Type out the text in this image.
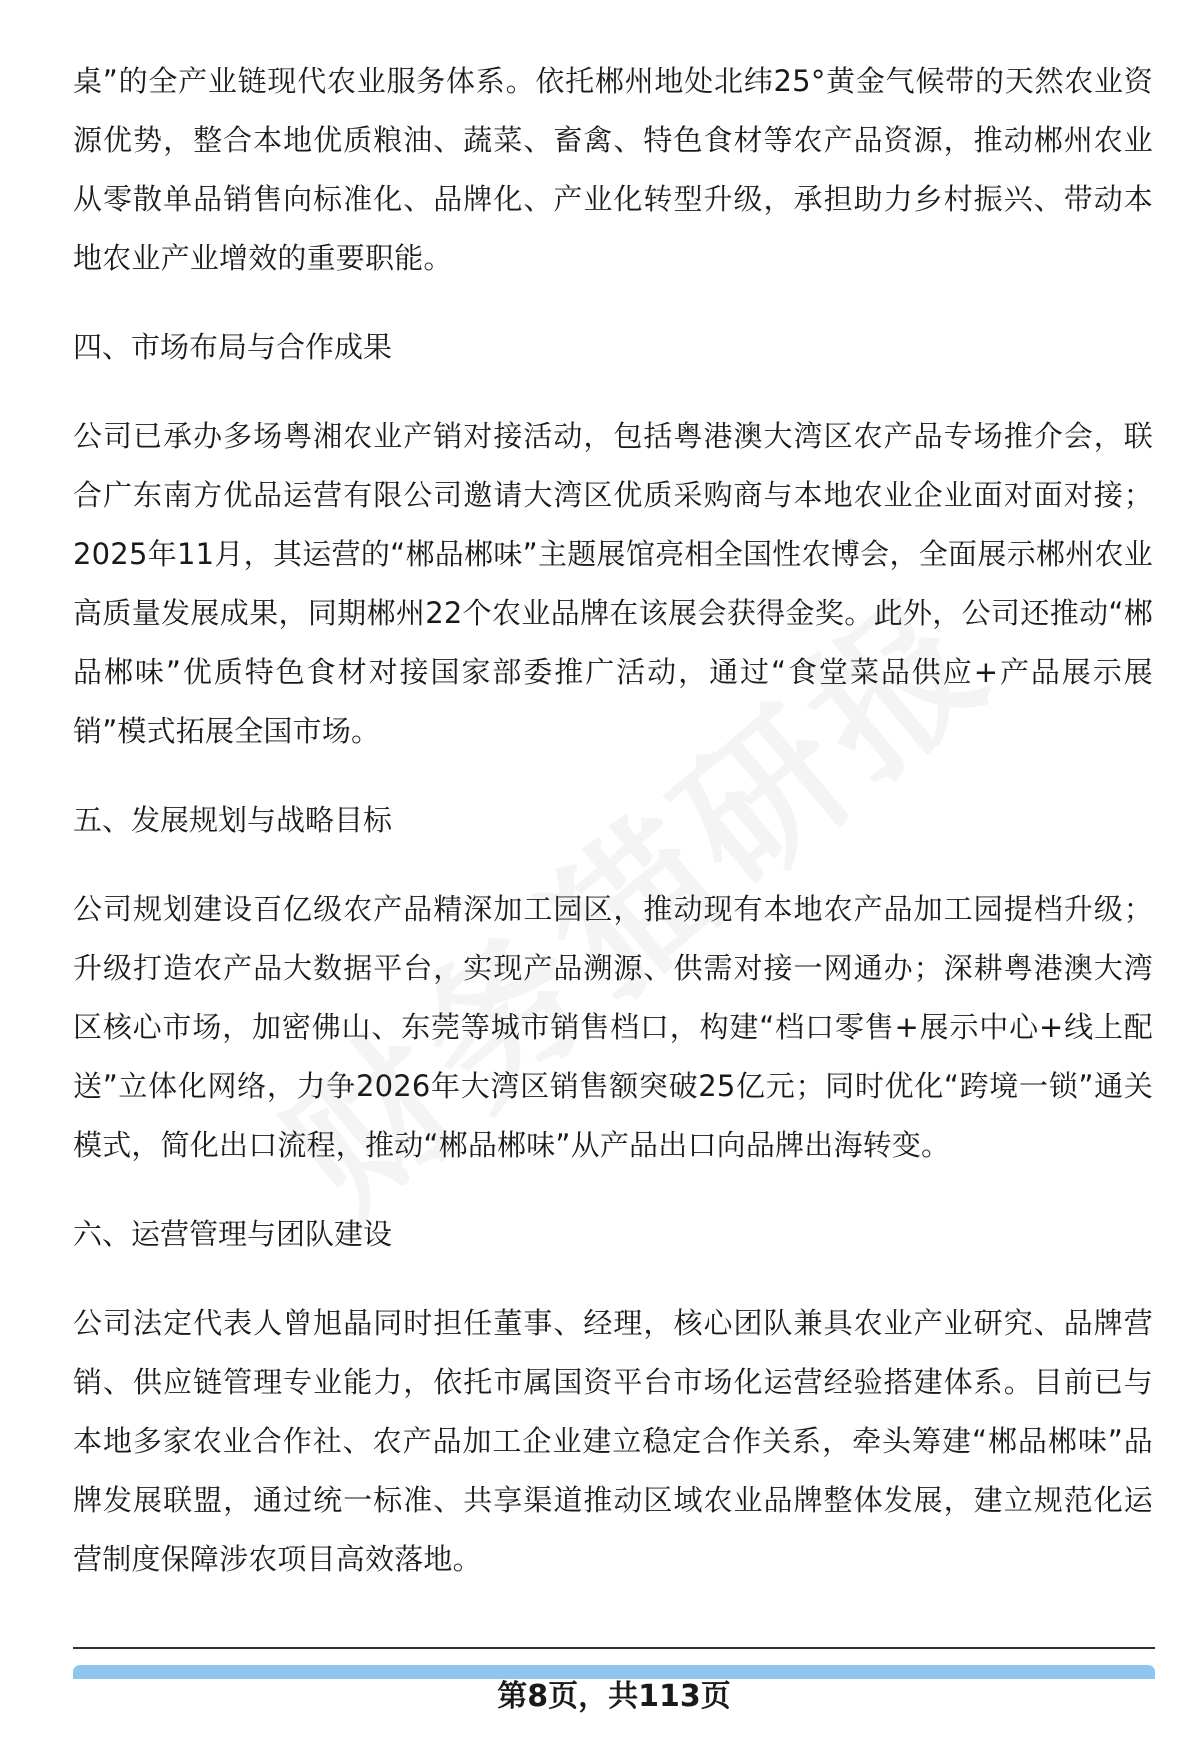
桌”的全产业链现代农业服务体系。依托郴州地处北纬25°黄金气候带的天然农业资源优势，整合本地优质粮油、蔬菜、畜禽、特色食材等农产品资源，推动郴州农业从零散单品销售向标准化、品牌化、产业化转型升级，承担助力乡村振兴、带动本地农业产业增效的重要职能。

四、市场布局与合作成果

公司已承办多场粤湘农业产销对接活动，包括粤港澳大湾区农产品专场推介会，联合广东南方优品运营有限公司邀请大湾区优质采购商与本地农业企业面对面对接；2025年11月，其运营的“郴品郴味”主题展馆亮相全国性农博会，全面展示郴州农业高质量发展成果，同期郴州22个农业品牌在该展会获得金奖。此外，公司还推动“郴品郴味”优质特色食材对接国家部委推广活动，通过“食堂菜品供应+产品展示展销”模式拓展全国市场。

五、发展规划与战略目标

公司规划建设百亿级农产品精深加工园区，推动现有本地农产品加工园提档升级；升级打造农产品大数据平台，实现产品溯源、供需对接一网通办；深耕粤港澳大湾区核心市场，加密佛山、东莞等城市销售档口，构建“档口零售+展示中心+线上配送”立体化网络，力争2026年大湾区销售额突破25亿元；同时优化“跨境一锁”通关模式，简化出口流程，推动“郴品郴味”从产品出口向品牌出海转变。

六、运营管理与团队建设

公司法定代表人曾旭晶同时担任董事、经理，核心团队兼具农业产业研究、品牌营销、供应链管理专业能力，依托市属国资平台市场化运营经验搭建体系。目前已与本地多家农业合作社、农产品加工企业建立稳定合作关系，牵头筹建“郴品郴味”品牌发展联盟，通过统一标准、共享渠道推动区域农业品牌整体发展，建立规范化运营制度保障涉农项目高效落地。

第8页，共113页
